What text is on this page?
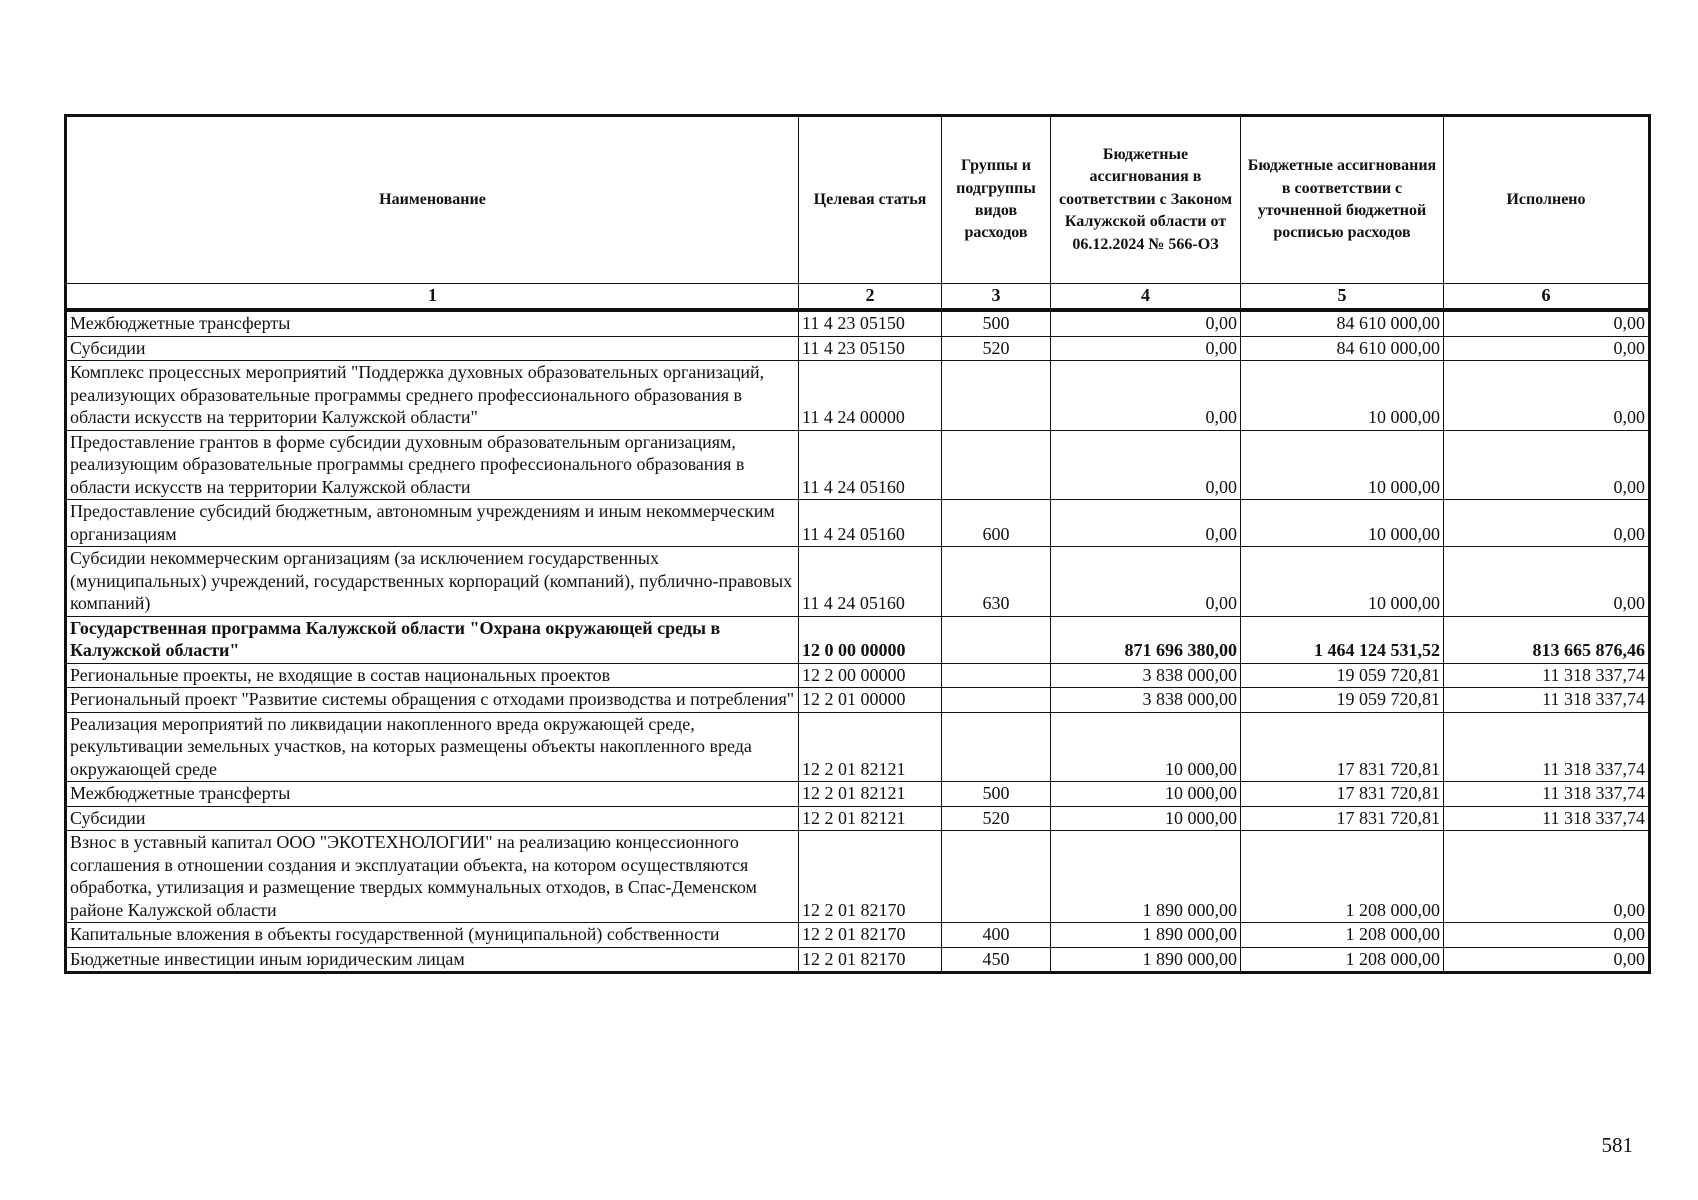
Наименование	Целевая статья	Группы и подгруппы видов расходов	Бюджетные ассигнования в соответствии с Законом Калужской области от 06.12.2024 № 566-ОЗ	Бюджетные ассигнования в соответствии с уточненной бюджетной росписью расходов	Исполнено
1	2	3	4	5	6
Межбюджетные трансферты	11 4 23 05150	500	0,00	84 610 000,00	0,00
Субсидии	11 4 23 05150	520	0,00	84 610 000,00	0,00
Комплекс процессных мероприятий "Поддержка духовных образовательных организаций, реализующих образовательные программы среднего профессионального образования в области искусств на территории Калужской области"	11 4 24 00000		0,00	10 000,00	0,00
Предоставление грантов в форме субсидии духовным образовательным организациям, реализующим образовательные программы среднего профессионального образования в области искусств на территории Калужской области	11 4 24 05160		0,00	10 000,00	0,00
Предоставление субсидий бюджетным, автономным учреждениям и иным некоммерческим организациям	11 4 24 05160	600	0,00	10 000,00	0,00
Субсидии некоммерческим организациям (за исключением государственных (муниципальных) учреждений, государственных корпораций (компаний), публично-правовых компаний)	11 4 24 05160	630	0,00	10 000,00	0,00
Государственная программа Калужской области "Охрана окружающей среды в Калужской области"	12 0 00 00000		871 696 380,00	1 464 124 531,52	813 665 876,46
Региональные проекты, не входящие в состав национальных проектов	12 2 00 00000		3 838 000,00	19 059 720,81	11 318 337,74
Региональный проект "Развитие системы обращения с отходами производства и потребления"	12 2 01 00000		3 838 000,00	19 059 720,81	11 318 337,74
Реализация мероприятий по ликвидации накопленного вреда окружающей среде, рекультивации земельных участков, на которых размещены объекты накопленного вреда окружающей среде	12 2 01 82121		10 000,00	17 831 720,81	11 318 337,74
Межбюджетные трансферты	12 2 01 82121	500	10 000,00	17 831 720,81	11 318 337,74
Субсидии	12 2 01 82121	520	10 000,00	17 831 720,81	11 318 337,74
Взнос в уставный капитал ООО "ЭКОТЕХНОЛОГИИ" на реализацию концессионного соглашения в отношении создания и эксплуатации объекта, на котором осуществляются обработка, утилизация и размещение твердых коммунальных отходов, в Спас-Деменском районе Калужской области	12 2 01 82170		1 890 000,00	1 208 000,00	0,00
Капитальные вложения в объекты государственной (муниципальной) собственности	12 2 01 82170	400	1 890 000,00	1 208 000,00	0,00
Бюджетные инвестиции иным юридическим лицам	12 2 01 82170	450	1 890 000,00	1 208 000,00	0,00
581
